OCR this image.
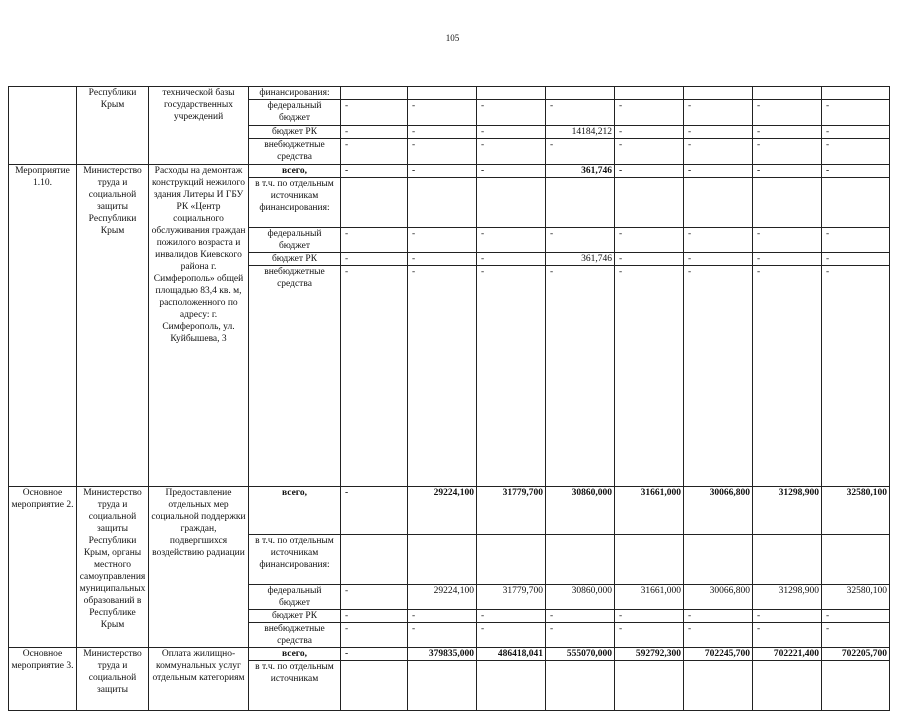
105
	Республики Крым	технической базы государственных учреждений	финансирования:								
			федеральный бюджет	-	-	-	-	-	-	-	-
			бюджет РК	-	-	-	14184,212	-	-	-	-
			внебюджетные средства	-	-	-	-	-	-	-	-
Мероприятие 1.10.	Министерство труда и социальной защиты Республики Крым	Расходы на демонтаж конструкций нежилого здания Литеры И ГБУ РК «Центр социального обслуживания граждан пожилого возраста и инвалидов Киевского района г. Симферополь» общей площадью 83,4 кв. м, расположенного по адресу: г. Симферополь, ул. Куйбышева, 3	всего,	-	-	-	361,746	-	-	-	-
			в т.ч. по отдельным источникам финансирования:								
			федеральный бюджет	-	-	-	-	-	-	-	-
			бюджет РК	-	-	-	361,746	-	-	-	-
			внебюджетные средства	-	-	-	-	-	-	-	-
Основное мероприятие 2.	Министерство труда и социальной защиты Республики Крым, органы местного самоуправления муниципальных образований в Республике Крым	Предоставление отдельных мер социальной поддержки граждан, подвергшихся воздействию радиации	всего,	-	29224,100	31779,700	30860,000	31661,000	30066,800	31298,900	32580,100
			в т.ч. по отдельным источникам финансирования:								
			федеральный бюджет	-	29224,100	31779,700	30860,000	31661,000	30066,800	31298,900	32580,100
			бюджет РК	-	-	-	-	-	-	-	-
			внебюджетные средства	-	-	-	-	-	-	-	-
Основное мероприятие 3.	Министерство труда и социальной защиты	Оплата жилищно-коммунальных услуг отдельным категориям	всего,	-	379835,000	486418,041	555070,000	592792,300	702245,700	702221,400	702205,700
			в т.ч. по отдельным источникам								
